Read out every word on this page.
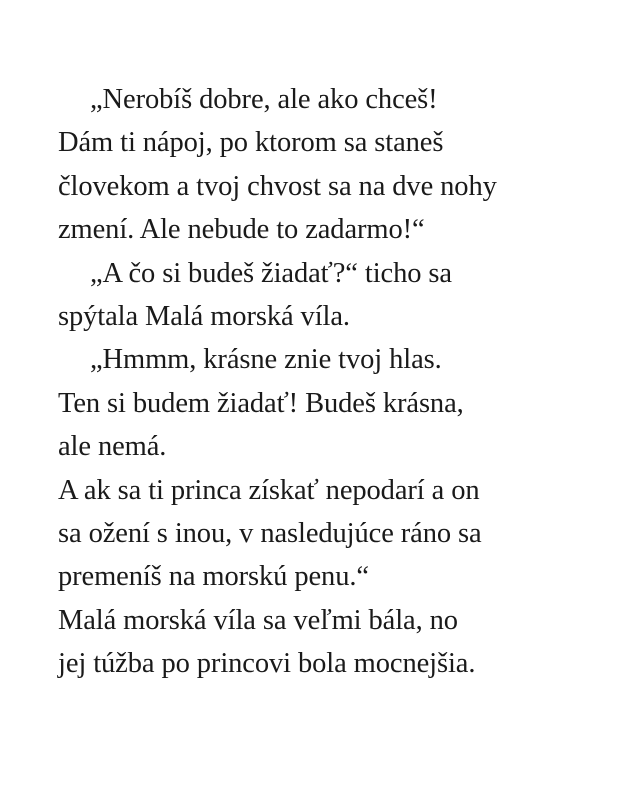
„Nerobíš dobre, ale ako chceš!
Dám ti nápoj, po ktorom sa staneš
človekom a tvoj chvost sa na dve nohy
zmení. Ale nebude to zadarmo!“
„A čo si budeš žiadať?“ ticho sa
spýtala Malá morská víla.
„Hmmm, krásne znie tvoj hlas.
Ten si budem žiadať! Budeš krásna,
ale nemá.
A ak sa ti princa získať nepodarí a on
sa ožení s inou, v nasledujúce ráno sa
premeníš na morskú penu.“
Malá morská víla sa veľmi bála, no
jej túžba po princovi bola mocnejšia.
